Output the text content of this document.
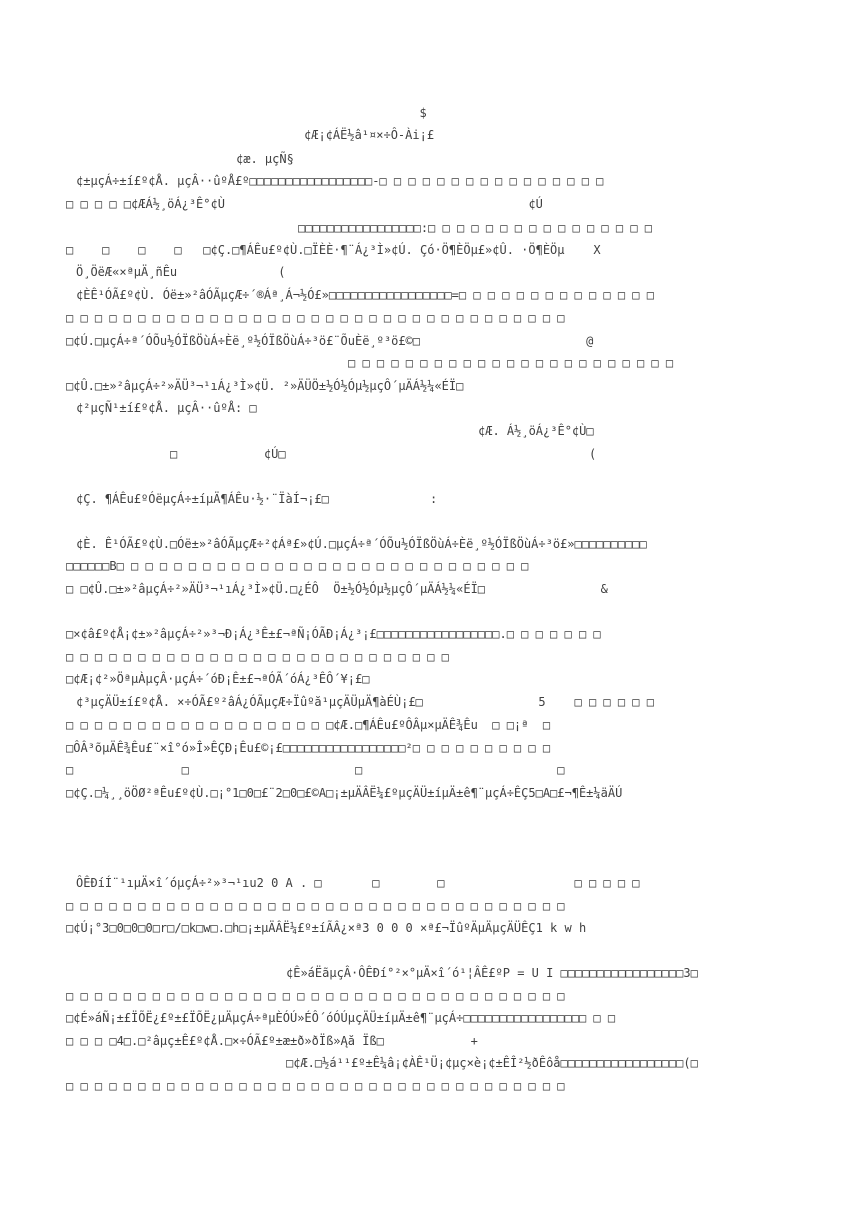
$

¢Æ¡¢ÁË½â¹¤×÷Ô-Ài¡£

¢æ. µçÑ§

¢±µçÁ÷±í£º¢Å. µçÂ··ûºÅ£º□□□□□□□□□□□□□□□□□-□ □ □ □ □ □ □ □ □ □ □ □ □ □ □ □

□ □ □ □ □¢ÆÁ½¸öÁ¿³Ê°¢Ù                                          ¢Ú

□□□□□□□□□□□□□□□□□:□ □ □ □ □ □ □ □ □ □ □ □ □ □ □ □

□    □    □    □   □¢Ç.□¶ÁÊu£º¢Ù.□ÏÈÈ·¶¨Á¿³Ì»¢Ú. Çó·Ö¶ÈÖµ£»¢Û. ·Ö¶ÈÖµ    X

Ö¸ÖëÆ«×ªµÄ¸ñÊu              (

¢ÈÊ¹ÓÃ£º¢Ù. Óë±»²âÓÃµçÆ÷´®Áª¸Á¬½Ó£»□□□□□□□□□□□□□□□□□=□ □ □ □ □ □ □ □ □ □ □ □ □ □

□ □ □ □ □ □ □ □ □ □ □ □ □ □ □ □ □ □ □ □ □ □ □ □ □ □ □ □ □ □ □ □ □ □ □

□¢Ú.□µçÁ÷ª´ÓÕu½ÓÏßÖùÁ÷Èë¸º½ÓÏßÖùÁ÷³ö£¨ÕuÈë¸º³ö£©□                       @

□ □ □ □ □ □ □ □ □ □ □ □ □ □ □ □ □ □ □ □ □ □ □

□¢Û.□±»²âµçÁ÷²»ÄÜ³¬¹ıÁ¿³Ì»¢Ü. ²»ÄÜÖ±½Ó½Óµ½µçÔ´µÄÁ½¼«ÉÏ□

¢²µçÑ¹±í£º¢Å. µçÂ··ûºÅ: □

¢Æ. Á½¸öÁ¿³Ê°¢Ù□

□            ¢Ú□                                          (

¢Ç. ¶ÁÊu£ºÓëµçÁ÷±íµÄ¶ÁÊu·½·¨ÏàÍ¬¡£□              :

¢È. Ê¹ÓÃ£º¢Ù.□Óë±»²âÓÃµçÆ÷²¢Áª£»¢Ú.□µçÁ÷ª´ÓÕu½ÓÏßÖùÁ÷Èë¸º½ÓÏßÖùÁ÷³ö£»□□□□□□□□□□

□□□□□□B□ □ □ □ □ □ □ □ □ □ □ □ □ □ □ □ □ □ □ □ □ □ □ □ □ □ □ □ □

□ □¢Û.□±»²âµçÁ÷²»ÄÜ³¬¹ıÁ¿³Ì»¢Ü.□¿ÉÔ  Ö±½Ó½Óµ½µçÔ´µÄÁ½¼«ÉÏ□                &

□×¢â£º¢Å¡¢±»²âµçÁ÷²»³¬Ð¡Á¿³Ê±£¬ªÑ¡ÓÃÐ¡Á¿³¡£□□□□□□□□□□□□□□□□□.□ □ □ □ □ □ □

□ □ □ □ □ □ □ □ □ □ □ □ □ □ □ □ □ □ □ □ □ □ □ □ □ □ □

□¢Æ¡¢²»ÖªµÀµçÂ·µçÁ÷´óÐ¡Ê±£¬ªÓÃ´óÁ¿³ÊÔ´¥¡£□

¢³µçÄÜ±í£º¢Å. ×÷ÓÃ£º²âÁ¿ÓÃµçÆ÷Ïûºă¹µçÄÜµÄ¶àÉÙ¡£□                5    □ □ □ □ □ □

□ □ □ □ □ □ □ □ □ □ □ □ □ □ □ □ □ □ □¢Æ.□¶ÁÊu£ºÔÂµ×µÄÊ¾Êu  □ □¡ª  □

□ÔÂ³õµÄÊ¾Êu£¨×î°ó»Î»ÊÇÐ¡Êu£©¡£□□□□□□□□□□□□□□□□□²□ □ □ □ □ □ □ □ □ □

□               □                       □                           □

□¢Ç.□¼¸¸öÖØ²ªÊu£º¢Ù.□¡°1□0□£¨2□0□£©A□¡±µÄÂË¼£ºµçÄÜ±íµÄ±ê¶¨µçÁ÷ÊÇ5□A□£¬¶Ê±¼äÄÚ

ÔÊÐíÍ¨¹ıµÄ×î´óµçÁ÷²»³¬¹ıu2 0 A . □       □        □                  □ □ □ □ □

□ □ □ □ □ □ □ □ □ □ □ □ □ □ □ □ □ □ □ □ □ □ □ □ □ □ □ □ □ □ □ □ □ □ □

□¢Ú¡°3□0□0□0□r□/□k□w□.□h□¡±µÄÂË¼£º±íÃÂ¿×ª3 0 0 0 ×ª£¬ÏûºÄµÄµçÄÜÊÇ1 k w h

¢Ê»áËãµçÂ·ÔÊÐí°²×°µÄ×î´ó¹¦ÂÊ£ºP = U I □□□□□□□□□□□□□□□□□3□

□ □ □ □ □ □ □ □ □ □ □ □ □ □ □ □ □ □ □ □ □ □ □ □ □ □ □ □ □ □ □ □ □ □ □

□¢É»áÑ¡±£ÏÕË¿£º±£ÏÕË¿µÄµçÁ÷ªµÈÓÚ»ÉÔ´óÓÚµçÄÜ±íµÄ±ê¶¨µçÁ÷□□□□□□□□□□□□□□□□□ □ □

□ □ □ □4□.□²âµç±Ê£º¢Å.□×÷ÓÃ£º±æ±ð»ðÏß»Ąă Ïß□            +

□¢Æ.□½á¹¹£º±Ê¼â¡¢ÀÊ¹Ü¡¢µç×è¡¢±ÊÎ²½ðÊôå□□□□□□□□□□□□□□□□□(□

□ □ □ □ □ □ □ □ □ □ □ □ □ □ □ □ □ □ □ □ □ □ □ □ □ □ □ □ □ □ □ □ □ □ □
